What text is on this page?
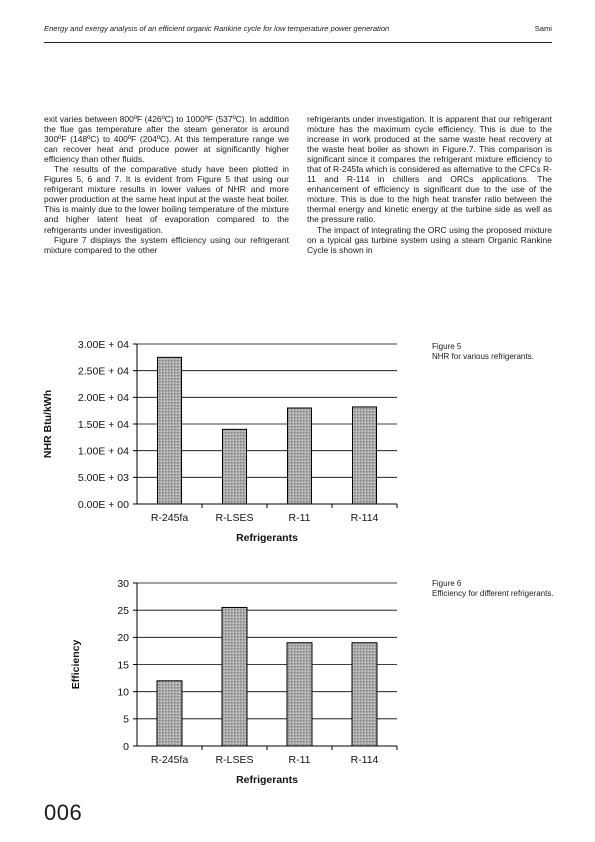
Energy and exergy analysis of an efficient organic Rankine cycle for low temperature power generation	Sami

exit varies between 800ºF (426ºC) to 1000ºF (537ºC). In addition the flue gas temperature after the steam generator is around 300ºF (148ºC) to 400ºF (204ºC). At this temperature range we can recover heat and produce power at significantly higher efficiency than other fluids.

The results of the comparative study have been plotted in Figures 5, 6 and 7. It is evident from Figure 5 that using our refrigerant mixture results in lower values of NHR and more power production at the same heat input at the waste heat boiler. This is mainly due to the lower boiling temperature of the mixture and higher latent heat of evaporation compared to the refrigerants under investigation.

Figure 7 displays the system efficiency using our refrigerant mixture compared to the other

refrigerants under investigation. It is apparent that our refrigerant mixture has the maximum cycle efficiency. This is due to the increase in work produced at the same waste heat recovery at the waste heat boiler as shown in Figure.7. This comparison is significant since it compares the refrigerant mixture efficiency to that of R-245fa which is considered as alternative to the CFCs R-11 and R-114 in chillers and ORCs applications. The enhancement of efficiency is significant due to the use of the mixture. This is due to the high heat transfer ratio between the thermal energy and kinetic energy at the turbine side as well as the pressure ratio.

The impact of integrating the ORC using the proposed mixture on a typical gas turbine system using a steam Organic Rankine Cycle is shown in

0.00E + 00
5.00E + 03
1.00E + 04
1.50E + 04
2.00E + 04
2.50E + 04
3.00E + 04
R-245fa	R-LSES	R-11	R-114
Refrigerants
NHR Btu/kWh
0
5
10
15
20
25
30
R-245fa	R-LSES	R-11	R-114
Refrigerants
Efficiency
Figure 5
NHR for various refrigerants.
Figure 6
Efficiency for different refrigerants.
006
